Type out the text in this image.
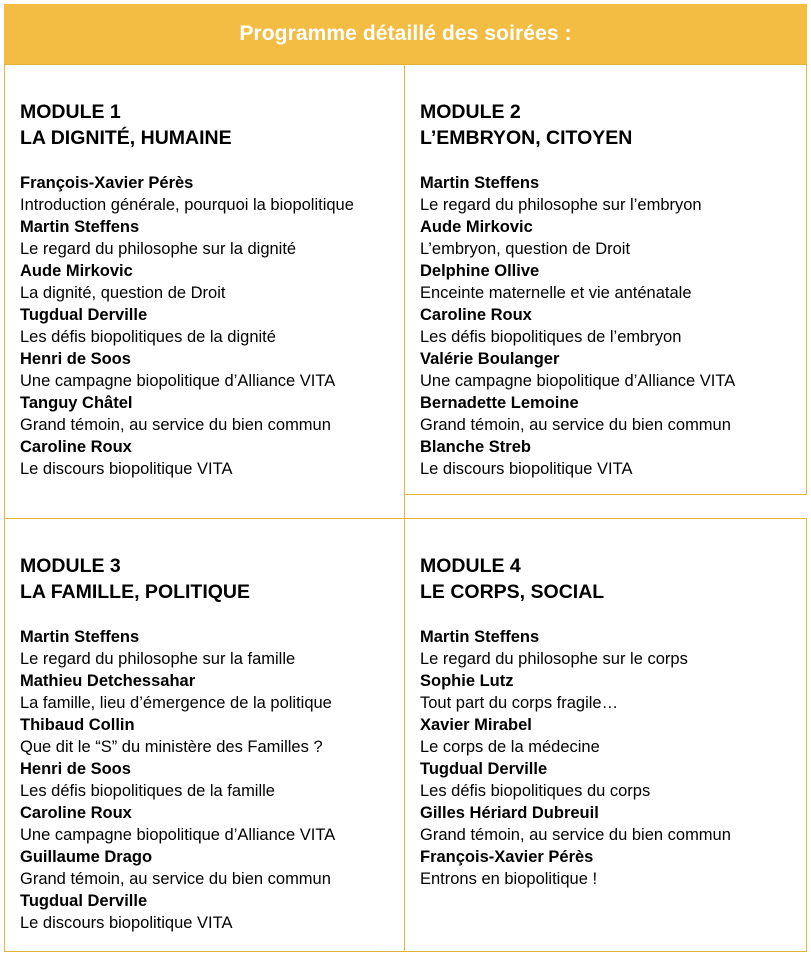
Programme détaillé des soirées :
MODULE 1
LA DIGNITÉ, HUMAINE
François-Xavier Pérès
Introduction générale, pourquoi la biopolitique
Martin Steffens
Le regard du philosophe sur la dignité
Aude Mirkovic
La dignité, question de Droit
Tugdual Derville
Les défis biopolitiques de la dignité
Henri de Soos
Une campagne biopolitique d’Alliance VITA
Tanguy Châtel
Grand témoin, au service du bien commun
Caroline Roux
Le discours biopolitique VITA
MODULE 2
L’EMBRYON, CITOYEN
Martin Steffens
Le regard du philosophe sur l’embryon
Aude Mirkovic
L’embryon, question de Droit
Delphine Ollive
Enceinte maternelle et vie anténatale
Caroline Roux
Les défis biopolitiques de l’embryon
Valérie Boulanger
Une campagne biopolitique d’Alliance VITA
Bernadette Lemoine
Grand témoin, au service du bien commun
Blanche Streb
Le discours biopolitique VITA
MODULE 3
LA FAMILLE, POLITIQUE
Martin Steffens
Le regard du philosophe sur la famille
Mathieu Detchessahar
La famille, lieu d’émergence de la politique
Thibaud Collin
Que dit le “S” du ministère des Familles ?
Henri de Soos
Les défis biopolitiques de la famille
Caroline Roux
Une campagne biopolitique d’Alliance VITA
Guillaume Drago
Grand témoin, au service du bien commun
Tugdual Derville
Le discours biopolitique VITA
MODULE 4
LE CORPS, SOCIAL
Martin Steffens
Le regard du philosophe sur le corps
Sophie Lutz
Tout part du corps fragile…
Xavier Mirabel
Le corps de la médecine
Tugdual Derville
Les défis biopolitiques du corps
Gilles Hériard Dubreuil
Grand témoin, au service du bien commun
François-Xavier Pérès
Entrons en biopolitique !
